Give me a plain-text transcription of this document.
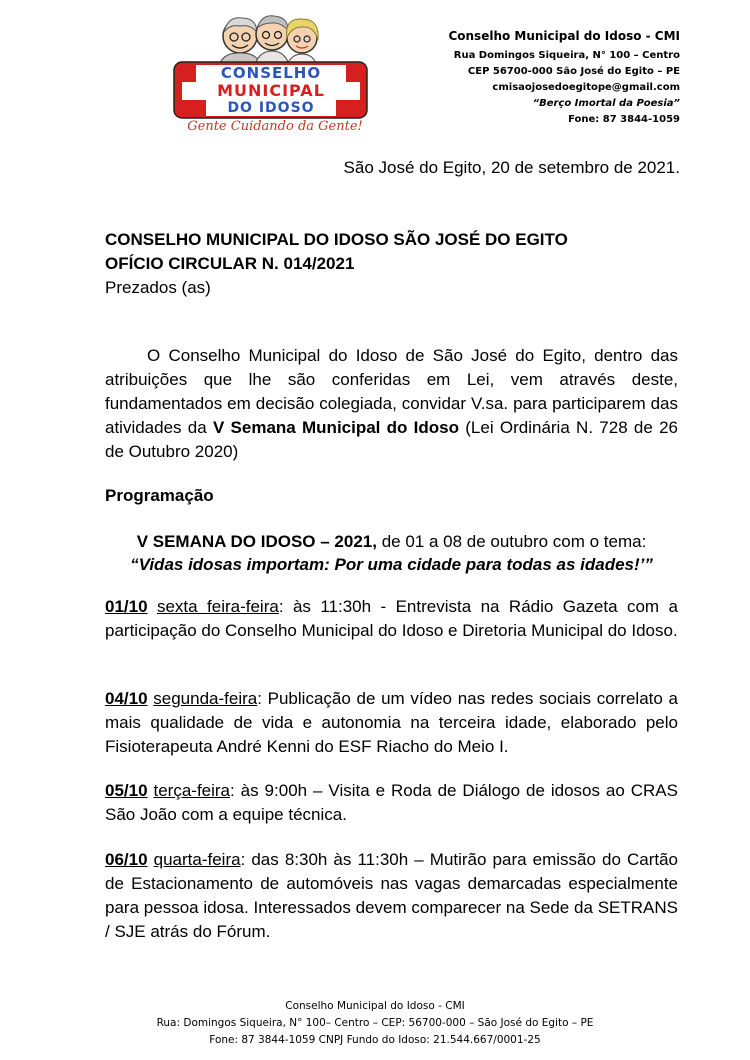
CONSELHO
MUNICIPAL
DO IDOSO
Gente Cuidando da Gente!
Conselho Municipal do Idoso - CMI
Rua Domingos Siqueira, N° 100 – Centro
CEP 56700-000 São José do Egito – PE
cmisaojosedoegitope@gmail.com
“Berço Imortal da Poesia”
Fone: 87 3844-1059
São José do Egito, 20 de setembro de 2021.
CONSELHO MUNICIPAL DO IDOSO SÃO JOSÉ DO EGITO
OFÍCIO CIRCULAR N. 014/2021
Prezados (as)
O Conselho Municipal do Idoso de São José do Egito, dentro das atribuições que lhe são conferidas em Lei, vem através deste, fundamentados em decisão colegiada, convidar V.sa. para participarem das atividades da V Semana Municipal do Idoso (Lei Ordinária N. 728 de 26 de Outubro 2020)
Programação
V SEMANA DO IDOSO – 2021, de 01 a 08 de outubro com o tema:
“Vidas idosas importam: Por uma cidade para todas as idades!’”
01/10 sexta feira-feira: às 11:30h - Entrevista na Rádio Gazeta com a participação do Conselho Municipal do Idoso e Diretoria Municipal do Idoso.
04/10 segunda-feira: Publicação de um vídeo nas redes sociais correlato a mais qualidade de vida e autonomia na terceira idade, elaborado pelo Fisioterapeuta André Kenni do ESF Riacho do Meio I.
05/10 terça-feira: às 9:00h – Visita e Roda de Diálogo de idosos ao CRAS São João com a equipe técnica.
06/10 quarta-feira: das 8:30h às 11:30h – Mutirão para emissão do Cartão de Estacionamento de automóveis nas vagas demarcadas especialmente para pessoa idosa. Interessados devem comparecer na Sede da SETRANS / SJE atrás do Fórum.
Conselho Municipal do Idoso - CMI
Rua: Domingos Siqueira, N° 100– Centro – CEP: 56700-000 – São José do Egito – PE
Fone: 87 3844-1059 CNPJ Fundo do Idoso: 21.544.667/0001-25
